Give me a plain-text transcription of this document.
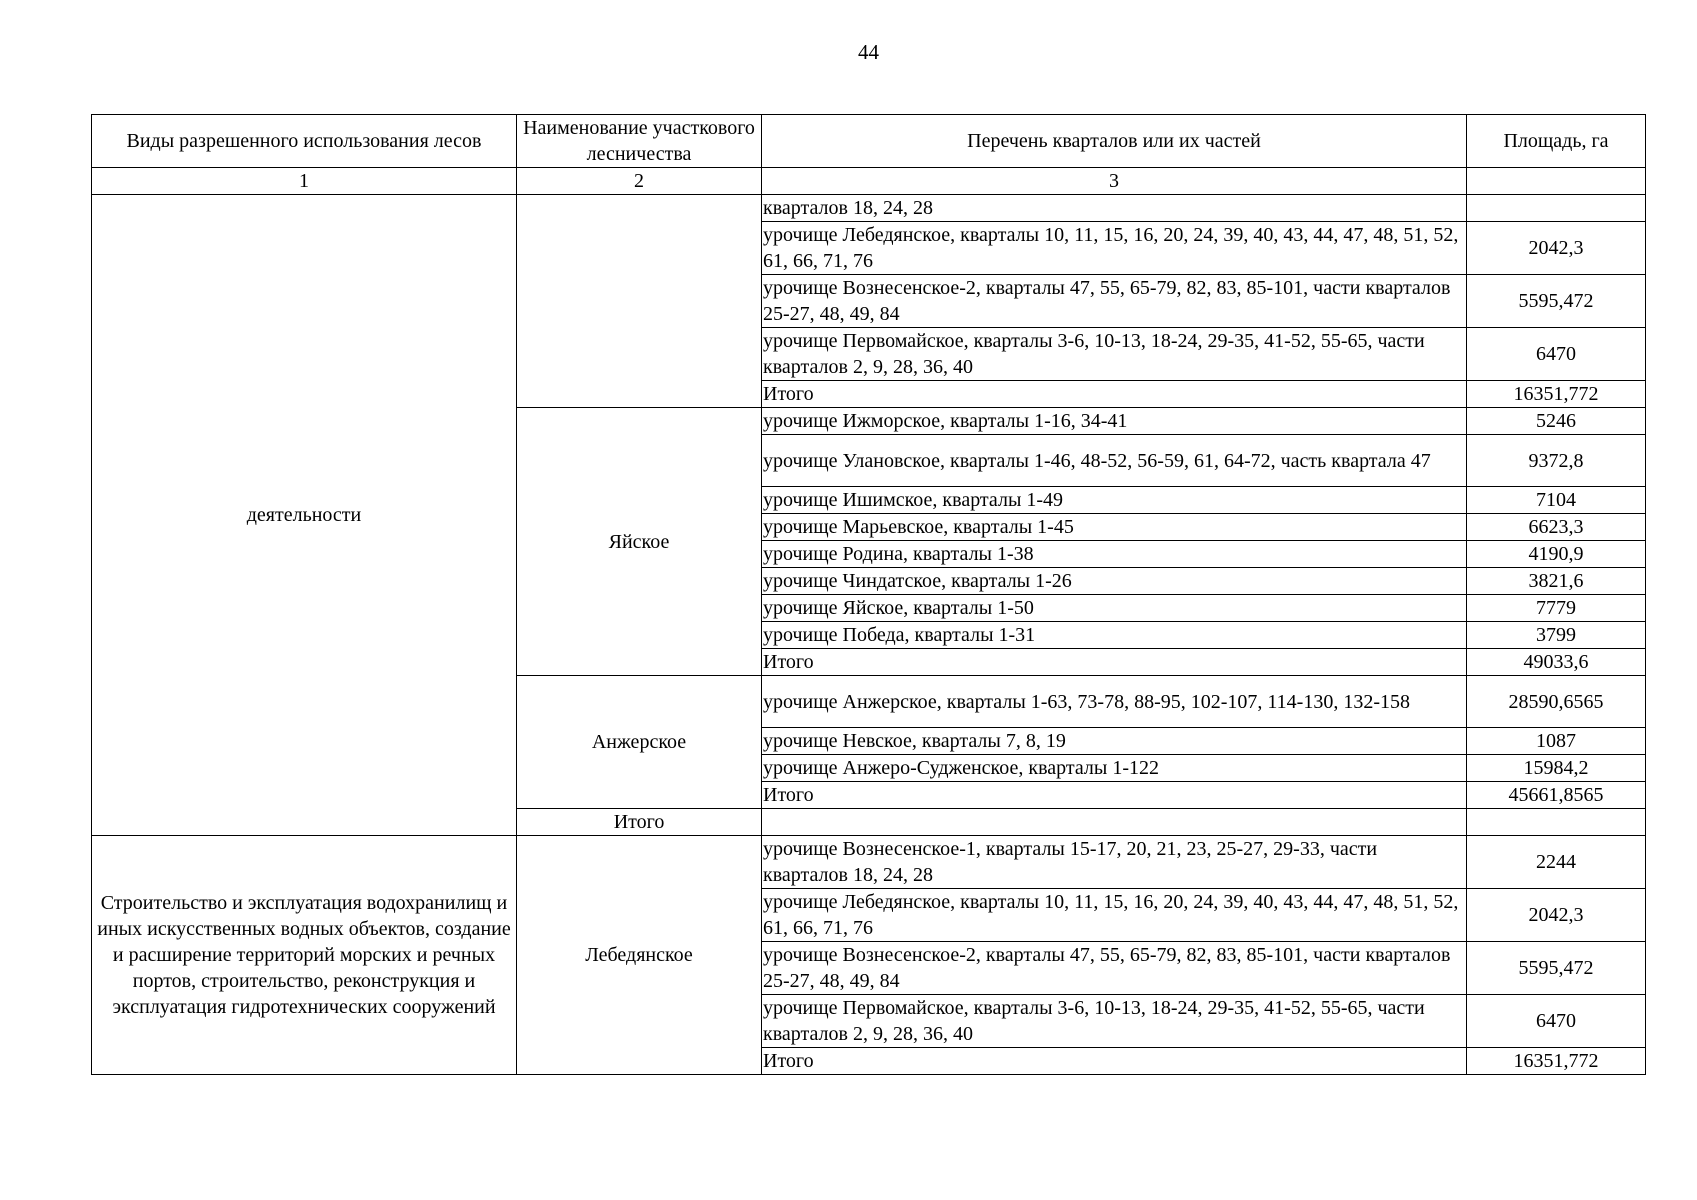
44
Виды разрешенного использования лесов	Наименование участкового лесничества	Перечень кварталов или их частей	Площадь, га	
1	2	3		
деятельности		кварталов 18, 24, 28		
		урочище Лебедянское, кварталы 10, 11, 15, 16, 20, 24, 39, 40, 43, 44, 47, 48, 51, 52, 61, 66, 71, 76	2042,3	
		урочище Вознесенское-2, кварталы 47, 55, 65-79, 82, 83, 85-101, части кварталов 25-27, 48, 49, 84	5595,472	
		урочище Первомайское, кварталы 3-6, 10-13, 18-24, 29-35, 41-52, 55-65, части кварталов 2, 9, 28, 36, 40	6470	
		Итого	16351,772	
	Яйское	урочище Ижморское, кварталы 1-16, 34-41	5246	
		урочище Улановское, кварталы 1-46, 48-52, 56-59, 61, 64-72, часть квартала 47	9372,8	
		урочище Ишимское, кварталы 1-49	7104	
		урочище Марьевское, кварталы 1-45	6623,3	
		урочище Родина, кварталы 1-38	4190,9	
		урочище Чиндатское, кварталы 1-26	3821,6	
		урочище Яйское, кварталы 1-50	7779	
		урочище Победа, кварталы 1-31	3799	
		Итого	49033,6	
	Анжерское	урочище Анжерское, кварталы 1-63, 73-78, 88-95, 102-107, 114-130, 132-158	28590,6565	
		урочище Невское, кварталы 7, 8, 19	1087	
		урочище Анжеро-Судженское, кварталы 1-122	15984,2	
		Итого	45661,8565	
	Итого			
Строительство и эксплуатация водохранилищ и иных искусственных водных объектов, создание и расширение территорий морских и речных портов, строительство, реконструкция и эксплуатация гидротехнических сооружений	Лебедянское	урочище Вознесенское-1, кварталы 15-17, 20, 21, 23, 25-27, 29-33, части кварталов 18, 24, 28	2244	
		урочище Лебедянское, кварталы 10, 11, 15, 16, 20, 24, 39, 40, 43, 44, 47, 48, 51, 52, 61, 66, 71, 76	2042,3	
		урочище Вознесенское-2, кварталы 47, 55, 65-79, 82, 83, 85-101, части кварталов 25-27, 48, 49, 84	5595,472	
		урочище Первомайское, кварталы 3-6, 10-13, 18-24, 29-35, 41-52, 55-65, части кварталов 2, 9, 28, 36, 40	6470	
		Итого	16351,772	
